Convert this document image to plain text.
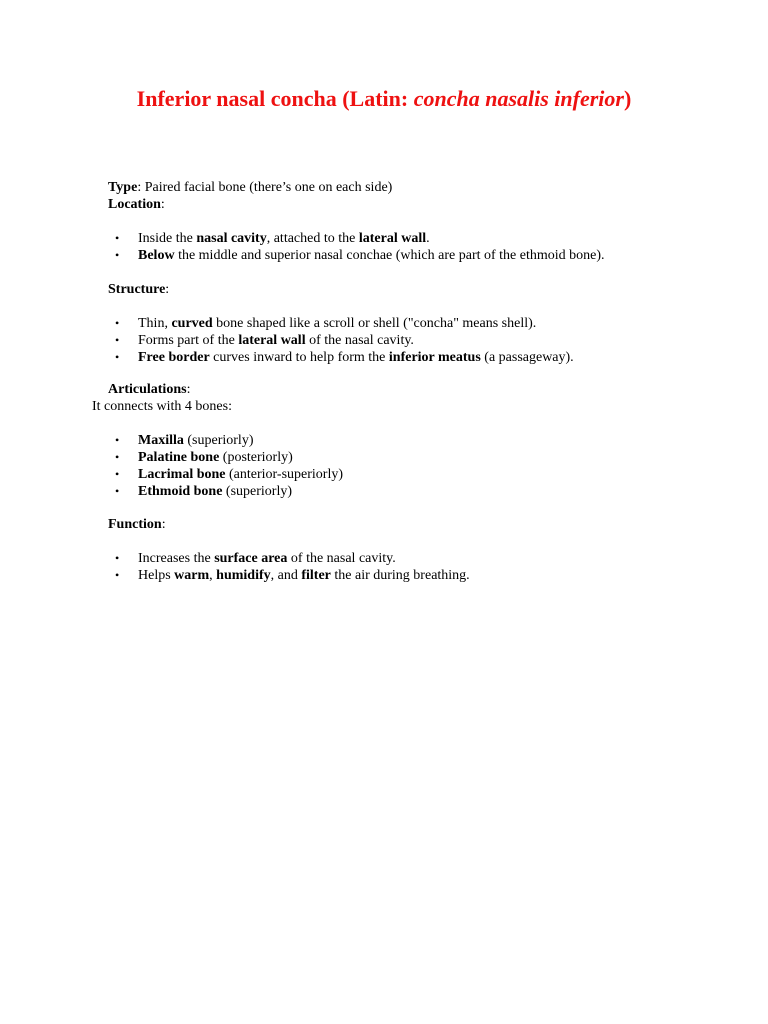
Inferior nasal concha (Latin: concha nasalis inferior)
Type: Paired facial bone (there’s one on each side)
Location:
• Inside the nasal cavity, attached to the lateral wall.
• Below the middle and superior nasal conchae (which are part of the ethmoid bone).
Structure:
• Thin, curved bone shaped like a scroll or shell ("concha" means shell).
• Forms part of the lateral wall of the nasal cavity.
• Free border curves inward to help form the inferior meatus (a passageway).
Articulations:
It connects with 4 bones:
• Maxilla (superiorly)
• Palatine bone (posteriorly)
• Lacrimal bone (anterior-superiorly)
• Ethmoid bone (superiorly)
Function:
• Increases the surface area of the nasal cavity.
• Helps warm, humidify, and filter the air during breathing.
